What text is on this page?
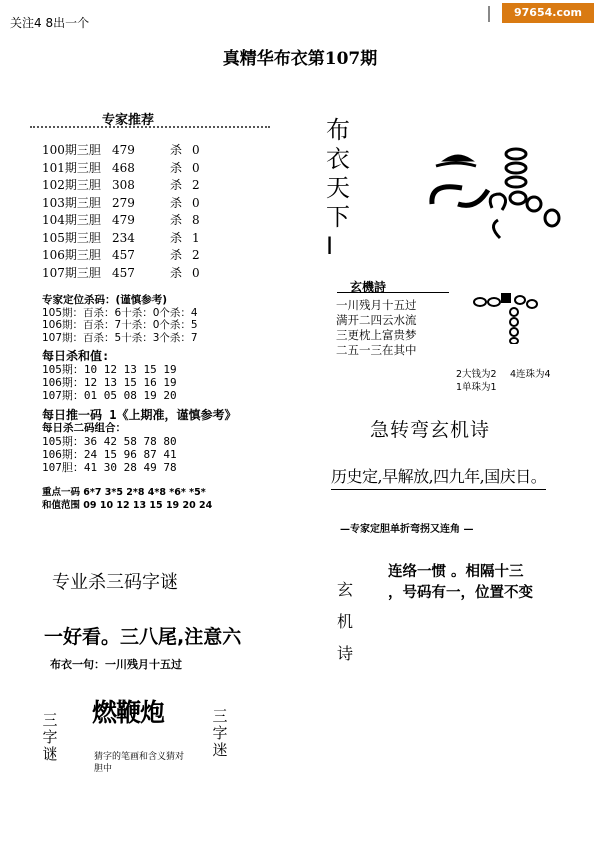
关注4 8出一个
97654.com
真精华布衣第107期
专家推荐
100期三胆 479	杀 0
101期三胆 468	杀 0
102期三胆 308	杀 2
103期三胆 279	杀 0
104期三胆 479	杀 8
105期三胆 234	杀 1
106期三胆 457	杀 2
107期三胆 457	杀 0
专家定位杀码：(谨慎参考)
105期：百杀：6十杀：0个杀：4
106期：百杀：7十杀：0个杀：5
107期：百杀：5十杀：3个杀：7
每日杀和值:
105期：10 12 13 15 19
106期：12 13 15 16 19
107期：01 05 08 19 20
每日推一码 1《上期准，谨慎参考》
每日杀二码组合：
105期：36 42 58 78 80
106期：24 15 96 87 41
107胆：41 30 28 49 78
重点一码 6*7 3*5 2*8 4*8 *6* *5*
和值范围 09 10 12 13 15 19 20 24
专业杀三码字谜
一好看。三八尾,注意六
布衣一句：一川残月十五过
三
字
谜
三
字
迷
燃鞭炮
猜字的笔画和含义猜对胆中
布
衣
天
下
I
玄機詩
一川残月十五过
满开二四云水流
三更枕上富贵梦
二五一三在其中
2大钱为2 4连珠为4
1单珠为1
急转弯玄机诗
历史定,早解放,四九年,国庆日。
—专家定胆单折弯拐又连角 —
玄
机
诗
连络一惯 。相隔十三
，号码有一，位置不变
